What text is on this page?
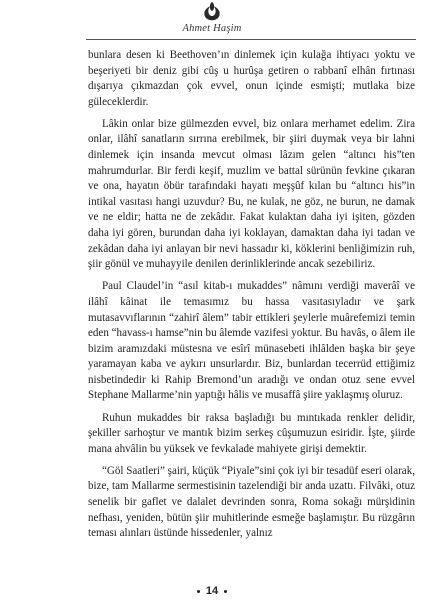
Ahmet Haşim

bunlara desen ki Beethoven’ın dinlemek için kulağa ihtiyacı yoktu ve beşeriyeti bir deniz gibi cûş u hurûşa getiren o rabbanî elhân fırtınası dışarıya çıkmazdan çok evvel, onun içinde esmişti; mutlaka bize güleceklerdir.

Lâkin onlar bize gülmezden evvel, biz onlara merhamet edelim. Zira onlar, ilâhî sanatların sırrına erebilmek, bir şiiri duymak veya bir lahni dinlemek için insanda mevcut olması lâzım gelen “altıncı his”ten mahrumdurlar. Bir ferdi keşif, muzlim ve battal sürünün fevkine çıkaran ve ona, hayatın öbür tarafındaki hayatı meşşûf kılan bu “altıncı his”in intikal vasıtası hangi uzuvdur? Bu, ne kulak, ne göz, ne burun, ne damak ve ne eldir; hatta ne de zekâdır. Fakat kulaktan daha iyi işiten, gözden daha iyi gören, burundan daha iyi koklayan, damaktan daha iyi tadan ve zekâdan daha iyi anlayan bir nevi hassadır ki, köklerini benliğimizin ruh, şiir gönül ve muhayyile denilen derinliklerinde ancak sezebiliriz.

Paul Claudel’in “asıl kitab-ı mukaddes” nâmını verdiği maverâî ve ilâhî kâinat ile temasımız bu hassa vasıtasıyladır ve şark mutasavvıflarının “zahirî âlem” tabir ettikleri şeylerle muârefemizi temin eden “havass-ı hamse”nin bu âlemde vazifesi yoktur. Bu havâs, o âlem ile bizim aramızdaki müstesna ve esîrî münasebeti ihlâlden başka bir şeye yaramayan kaba ve aykırı unsurlardır. Biz, bunlardan tecerrüd ettiğimiz nisbetindedir ki Rahip Bremond’un aradığı ve ondan otuz sene evvel Stephane Mallarme’nin yaptığı hâlis ve musaffâ şiire yaklaşmış oluruz.

Ruhun mukaddes bir raksa başladığı bu mıntıkada renkler delidir, şekiller sarhoştur ve mantık bizim serkeş cûşumuzun esiridir. İşte, şiirde mana ahvâlin bu yüksek ve fevkalade mahiyete girişi demektir.

“Göl Saatleri” şairi, küçük “Piyale”sini çok iyi bir tesadüf eseri olarak, bize, tam Mallarme sermestisinin tazelendiği bir anda uzattı. Filvâki, otuz senelik bir gaflet ve dalalet devrinden sonra, Roma sokağı mürşidinin nefhası, yeniden, bütün şiir muhitlerinde esmeğe başlamıştır. Bu rüzgârın teması alınları üstünde hissedenler, yalnız

14
